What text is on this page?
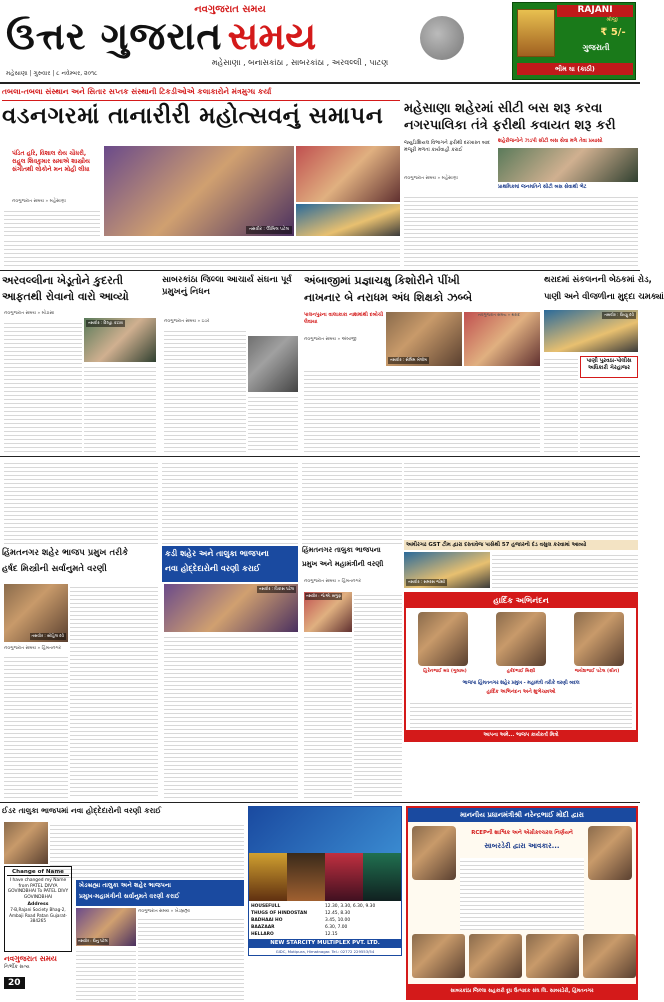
નવગુજરાત સમય
ઉત્તર ગુજરાત સમય
મહેસાણા , બનાસકાંઠા , સાબરકાંઠા , અરવલ્લી , પાટણ
મહેસાણા | ગુરુવાર | ૮ નવેમ્બર, ૨૦૧૮
RAJANI
શ્રીજી
₹ 5/-
ગુજરાતી
ભીમ ઘા (કાઠી)
તબલા-તબલા સંસ્થાન અને સિતાર સપ્તક સંસ્થાની ટિકડીઓએ કલાકારોને મંત્રમુગ્ધ કર્યા
વડનગરમાં તાનારીરી મહોત્સવનું સમાપન
પંડિત હરિ, વિશાલ રોય ચૌધરી, રાહુલ શિવકુમાર સમાએ શાસ્ત્રીય સંગીતથી લોકોને મન મોહી લીધા
તસવીર : ઊમિલ પટેલ
નવગુજરાત સમય » મહેસાણા
મહેસાણા શહેરમાં સીટી બસ શરૂ કરવા
નગરપાલિકા તંત્રે ફરીથી કવાયત શરૂ કરી
શહેરીજનોને ઝડપી સીટી બસ સેવા મળે તેવા પ્રયાસો
જ્યુડિશિયલ વિભાગને ફરીથી દરખાસ્ત બાદ મંજૂરી મળતાં કાર્યવાહી કરાઈ
નવગુજરાત સમય » મહેસાણા
પ્રાથમિકમાં જનમતિને સીટી બસ સેવાથી ભેટ
અરવલ્લીના ખેડૂતોને કુદરતી
આફતથી રોવાનો વારો આવ્યો
નવગુજરાત સમય » મોડાસા
તસવીર : દિલ્હા કટારા
સાબરકાંઠા જિલ્લા આચાર્ય સંઘના પૂર્વ પ્રમુખનું નિધન
નવગુજરાત સમય » ઇડર
અંબાજીમાં પ્રજ્ઞાચક્ષુ કિશોરીને પીંખી
નાખનાર બે નરાધમ અંધ શિક્ષકો ઝબ્બે
પાલનપુરના વાલાકાકા નાશમાંથી દબોચી લેવાયા
તસવીર : સેલિમ બેલીમ
નવગુજરાત સમય » અંબાજી
થરાદમાં સંકલનની બેઠકમાં રોડ,
પાણી અને વીજળીના મુદ્દા ચમક્યાં
નવગુજરાત સમય » થરાદ	તસવીર : વિષ્ણુ દવે
પાણી પુરવઠા-પોલીસ અધિકારી ગેરહાજર
અમીરગઢ GST ટીમ દ્વારા દસ્તાવેજ પાસેથી 57 હજારનો દંડ વસુલ કરવામાં આવ્યો
તસવીર : સમરસ જોશી
હિંમતનગર શહેર ભાજપ પ્રમુખ તરીકે
હર્ષદ મિસ્ત્રીની સર્વાનુમતે વરણી
તસવીર : સોહિલ દવે
નવગુજરાત સમય » હિંમતનગર
કડી શહેર અને તાલુકા ભાજપના
નવા હોદ્દેદારોની વરણી કરાઈ
તસવીર : વિકાસ પટેલ
હિંમતનગર તાલુકા ભાજપના
પ્રમુખ અને મહામંત્રીની વરણી
નવગુજરાત સમય » હિંમતનગર
તસવીર : જે.એ. સગુણ
હાર્દિક અભિનંદન
હિરેનભાઈ મધ (ગુલાબ)	હર્ષદભાઈ મિસ્ત્રી	જયેશભાઈ પટેલ (ગ્રીન)
ભાજપા હિંમતનગર શહેર પ્રમુખ - મહામંત્રી તરીકે વરણી બદલ
હાર્દિક અભિનંદન અને શુભેચ્છાઓ
આપના અમે... ભાજપ કાર્યકર્તા મિત્રો
ઈડર તાલુકા ભાજપમાં નવા હોદ્દેદારોની વરણી કરાઈ
Change of Name
I have changed my Name from PATEL DIVYA GOVINDBHAI To PATEL DIVY GOVINDBHAI
Address
7-B,Rajani Society Bhag-2, Ambaji Road Patan Gujarat-384265
HOUSEFULL	12.30, 3.30, 6.30, 9.30
THUGS OF HINDOSTAN	12.45, 8.30
BADHAAI HO	3.45, 10.00
BAAZAAR	6.30, 7.00
HELLARO	12.15
NEW STARCITY MULTIPLEX PVT. LTD.
GIDC, Motipura, Himatnagar. Tel.: 02772 229553/54
ખેડબ્રહ્મા તાલુકા અને શહેર ભાજપના
પ્રમુખ-મહામંત્રીની સર્વાનુમતે વરણી કરાઈ
તસવીર : વિનુ પટેલ
નવગુજરાત સમય » ખેડબ્રહ્મા
નવગુજરાત સમય
નિર્ભીક સત્ય
20
માનનીય પ્રધાનમંત્રીશ્રી નરેન્દ્રભાઈ મોદી દ્વારા
RCEPની શાશ્વિક અને એગ્રીકલ્ચરલ નિર્ણયને
સાબરડેરી દ્વારા આવકાર...
સાબરકાંઠા જિલ્લા સહકારી દૂધ ઉત્પાદક સંઘ લિ. સાબરડેરી, હિંમતનગર
